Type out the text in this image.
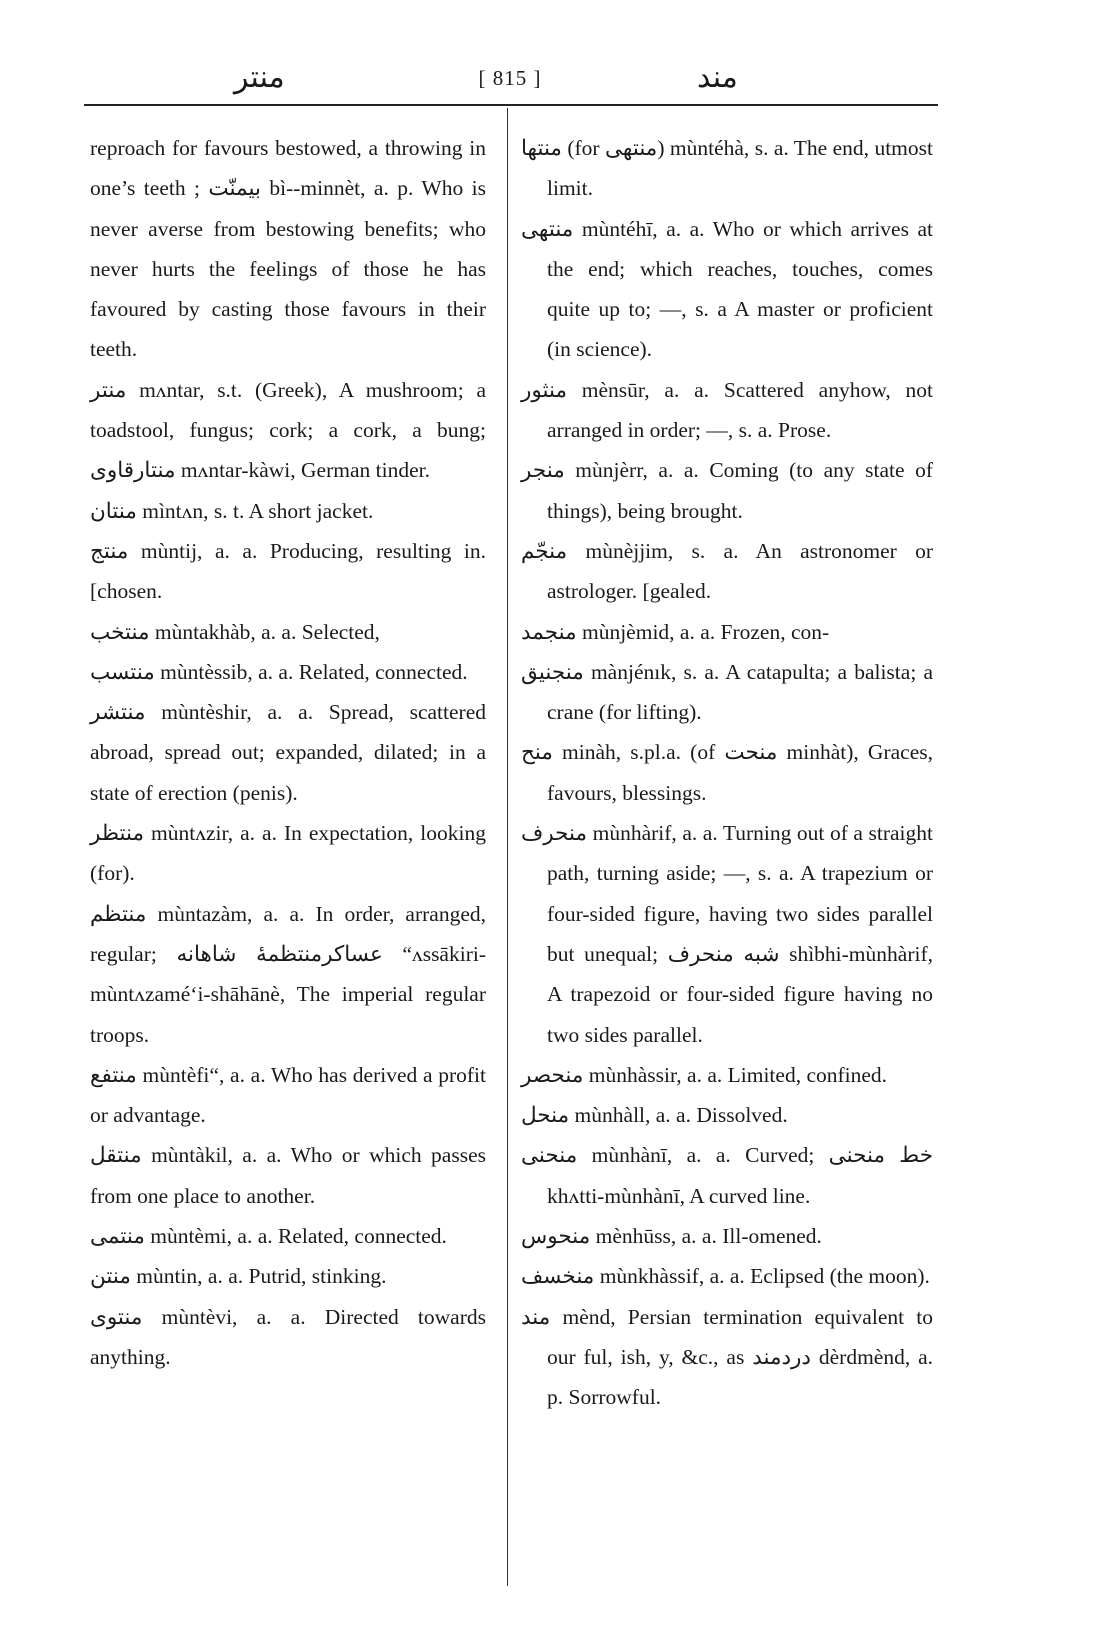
منتر	[ 815 ]	مند
reproach for favours bestowed, a throwing in one’s teeth ; بيمنّت bì--minnèt, a. p. Who is never averse from bestowing benefits; who never hurts the feelings of those he has favoured by casting those favours in their teeth.
منتر mʌntar, s.t. (Greek), A mushroom; a toadstool, fungus; cork; a cork, a bung; منتارقاوى mʌntar-kàwi, German tinder.
منتان mìntʌn, s. t. A short jacket.
منتج mùntij, a. a. Producing, resulting in. [chosen.
منتخب mùntakhàb, a. a. Selected,
منتسب mùntèssib, a. a. Related, connected.
منتشر mùntèshir, a. a. Spread, scattered abroad, spread out; expanded, dilated; in a state of erection (penis).
منتظر mùntʌzir, a. a. In expectation, looking (for).
منتظم mùntazàm, a. a. In order, arranged, regular; عساكرمنتظمهٔ شاهانه “ʌssākiri-mùntʌzamé‘i-shāhānè, The imperial regular troops.
منتفع mùntèfi“, a. a. Who has derived a profit or advantage.
منتقل mùntàkil, a. a. Who or which passes from one place to another.
منتمى mùntèmi, a. a. Related, connected.
منتن mùntin, a. a. Putrid, stinking.
منتوى mùntèvi, a. a. Directed towards anything.
منتها (for منتهى) mùntéhà, s. a. The end, utmost limit.
منتهى mùntéhī, a. a. Who or which arrives at the end; which reaches, touches, comes quite up to; —, s. a A master or proficient (in science).
منثور mènsūr, a. a. Scattered anyhow, not arranged in order; —, s. a. Prose.
منجر mùnjèrr, a. a. Coming (to any state of things), being brought.
منجّم mùnèjjim, s. a. An astronomer or astrologer. [gealed.
منجمد mùnjèmid, a. a. Frozen, con-
منجنيق mànjénık, s. a. A catapulta; a balista; a crane (for lifting).
منح minàh, s.pl.a. (of منحت minhàt), Graces, favours, blessings.
منحرف mùnhàrif, a. a. Turning out of a straight path, turning aside; —, s. a. A trapezium or four-sided figure, having two sides parallel but unequal; شبه منحرف shìbhi-mùnhàrif, A trapezoid or four-sided figure having no two sides parallel.
منحصر mùnhàssir, a. a. Limited, confined.
منحل mùnhàll, a. a. Dissolved.
منحنى mùnhànī, a. a. Curved; خط منحنى khʌtti-mùnhànī, A curved line.
منحوس mènhūss, a. a. Ill-omened.
منخسف mùnkhàssif, a. a. Eclipsed (the moon).
مند mènd, Persian termination equivalent to our ful, ish, y, &c., as دردمند dèrdmènd, a. p. Sorrowful.
